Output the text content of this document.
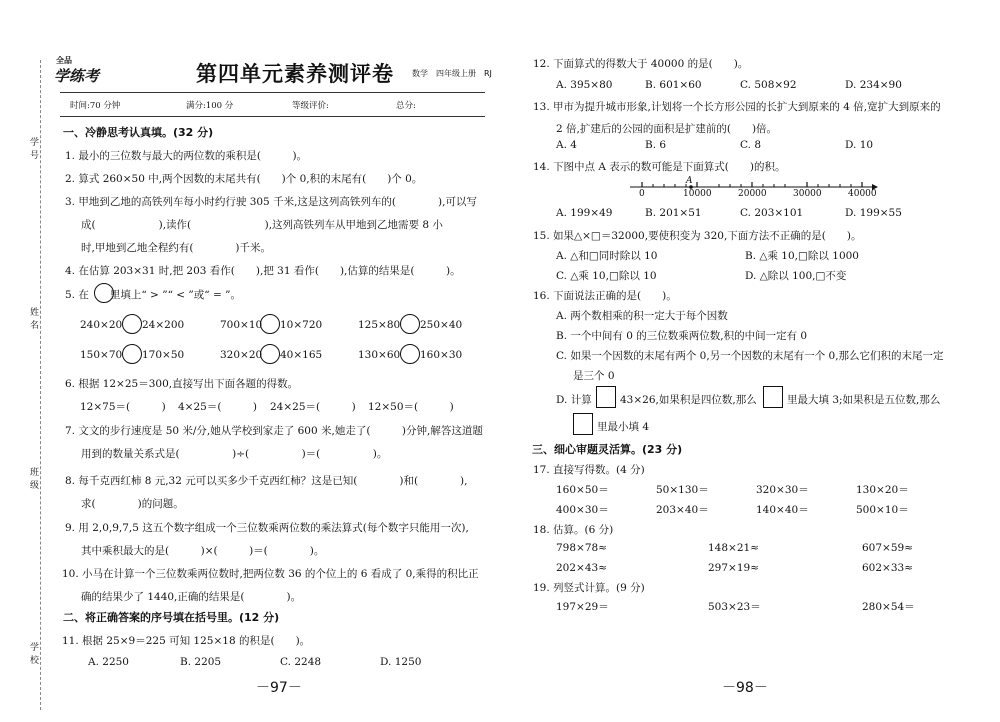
学号
姓名
班级
学校
全品
学练考	第四单元素养测评卷 数学　四年级上册　RJ
时间:70 分钟	满分:100 分	等级评价:	总分:
一、冷静思考认真填。(32 分)
1. 最小的三位数与最大的两位数的乘积是(　　　)。
2. 算式 260×50 中,两个因数的末尾共有(　　)个 0,积的末尾有(　　)个 0。
3. 甲地到乙地的高铁列车每小时约行驶 305 千米,这是这列高铁列车的(　　　　),可以写
成(　　　　　　),读作(　　　　　　　),这列高铁列车从甲地到乙地需要 8 小
时,甲地到乙地全程约有(　　　　)千米。
4. 在估算 203×31 时,把 203 看作(　　),把 31 看作(　　),估算的结果是(　　　)。
5. 在　　里填上“ > ”“ < ”或“ = ”。
240×20 24×200	700×10 10×720	125×80 250×40
150×70 170×50	320×20 40×165	130×60 160×30
6. 根据 12×25＝300,直接写出下面各题的得数。
12×75＝(　　　) 4×25＝(　　　) 24×25＝(　　　) 12×50＝(　　　)
7. 文文的步行速度是 50 米/分,她从学校到家走了 600 米,她走了(　　　)分钟,解答这道题
用到的数量关系式是(　　　　　)÷(　　　　　)＝(　　　　　)。
8. 每千克西红柿 8 元,32 元可以买多少千克西红柿？这是已知(　　　　)和(　　　　),
求(　　　　)的问题。
9. 用 2,0,9,7,5 这五个数字组成一个三位数乘两位数的乘法算式(每个数字只能用一次),
其中乘积最大的是(　　　)×(　　　)＝(　　　　)。
10. 小马在计算一个三位数乘两位数时,把两位数 36 的个位上的 6 看成了 0,乘得的积比正
确的结果少了 1440,正确的结果是(　　　　)。
二、将正确答案的序号填在括号里。(12 分)
11. 根据 25×9＝225 可知 125×18 的积是(　　)。
A. 2250	B. 2205	C. 2248	D. 1250
－97－
12. 下面算式的得数大于 40000 的是(　　)。
A. 395×80	B. 601×60	C. 508×92	D. 234×90
13. 甲市为提升城市形象,计划将一个长方形公园的长扩大到原来的 4 倍,宽扩大到原来的
2 倍,扩建后的公园的面积是扩建前的(　　)倍。
A. 4	B. 6	C. 8	D. 10
14. 下图中点 A 表示的数可能是下面算式(　　)的积。
A
0	10000	20000	30000	40000
A. 199×49	B. 201×51	C. 203×101	D. 199×55
15. 如果△×□＝32000,要使积变为 320,下面方法不正确的是(　　)。
A. △和□同时除以 10	B. △乘 10,□除以 1000
C. △乘 10,□除以 10	D. △除以 100,□不变
16. 下面说法正确的是(　　)。
A. 两个数相乘的积一定大于每个因数
B. 一个中间有 0 的三位数乘两位数,积的中间一定有 0
C. 如果一个因数的末尾有两个 0,另一个因数的末尾有一个 0,那么它们积的末尾一定
是三个 0
D. 计算	43×26,如果积是四位数,那么	里最大填 3;如果积是五位数,那么
里最小填 4
三、细心审题灵活算。(23 分)
17. 直接写得数。(4 分)
160×50＝	50×130＝	320×30＝	130×20＝
400×30＝	203×40＝	140×40＝	500×10＝
18. 估算。(6 分)
798×78≈	148×21≈	607×59≈
202×43≈	297×19≈	602×33≈
19. 列竖式计算。(9 分)
197×29＝	503×23＝	280×54＝
－98－
